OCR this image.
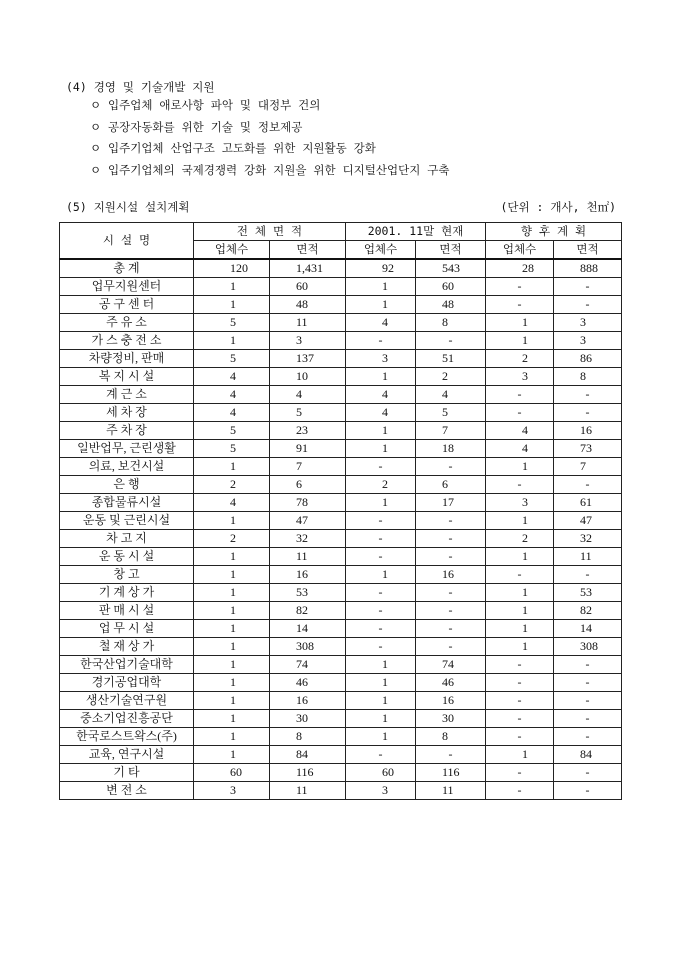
(4) 경영 및 기술개발 지원
ㅇ 입주업체 애로사항 파악 및 대정부 건의
ㅇ 공장자동화를 위한 기술 및 정보제공
ㅇ 입주기업체 산업구조 고도화를 위한 지원활동 강화
ㅇ 입주기업체의 국제경쟁력 강화 지원을 위한 디지털산업단지 구축
(5) 지원시설 설치계획	(단위 : 개사, 천㎡)
시 설 명	전 체 면 적		2001. 11말 현재		향 후 계 획	
	업체수	면적	업체수	면적	업체수	면적
총 계	120	1,431	92	543	28	888
업무지원센터	1	60	1	60	-	-
공 구 센 터	1	48	1	48	-	-
주 유 소	5	11	4	8	1	3
가 스 충 전 소	1	3	-	-	1	3
차량정비, 판매	5	137	3	51	2	86
복 지 시 설	4	10	1	2	3	8
계 근 소	4	4	4	4	-	-
세 차 장	4	5	4	5	-	-
주 차 장	5	23	1	7	4	16
일반업무, 근린생활	5	91	1	18	4	73
의료, 보건시설	1	7	-	-	1	7
은 행	2	6	2	6	-	-
종합물류시설	4	78	1	17	3	61
운동 및 근린시설	1	47	-	-	1	47
차 고 지	2	32	-	-	2	32
운 동 시 설	1	11	-	-	1	11
창 고	1	16	1	16	-	-
기 계 상 가	1	53	-	-	1	53
판 매 시 설	1	82	-	-	1	82
업 무 시 설	1	14	-	-	1	14
철 재 상 가	1	308	-	-	1	308
한국산업기술대학	1	74	1	74	-	-
경기공업대학	1	46	1	46	-	-
생산기술연구원	1	16	1	16	-	-
중소기업진흥공단	1	30	1	30	-	-
한국로스트왁스(주)	1	8	1	8	-	-
교육, 연구시설	1	84	-	-	1	84
기 타	60	116	60	116	-	-
변 전 소	3	11	3	11	-	-
